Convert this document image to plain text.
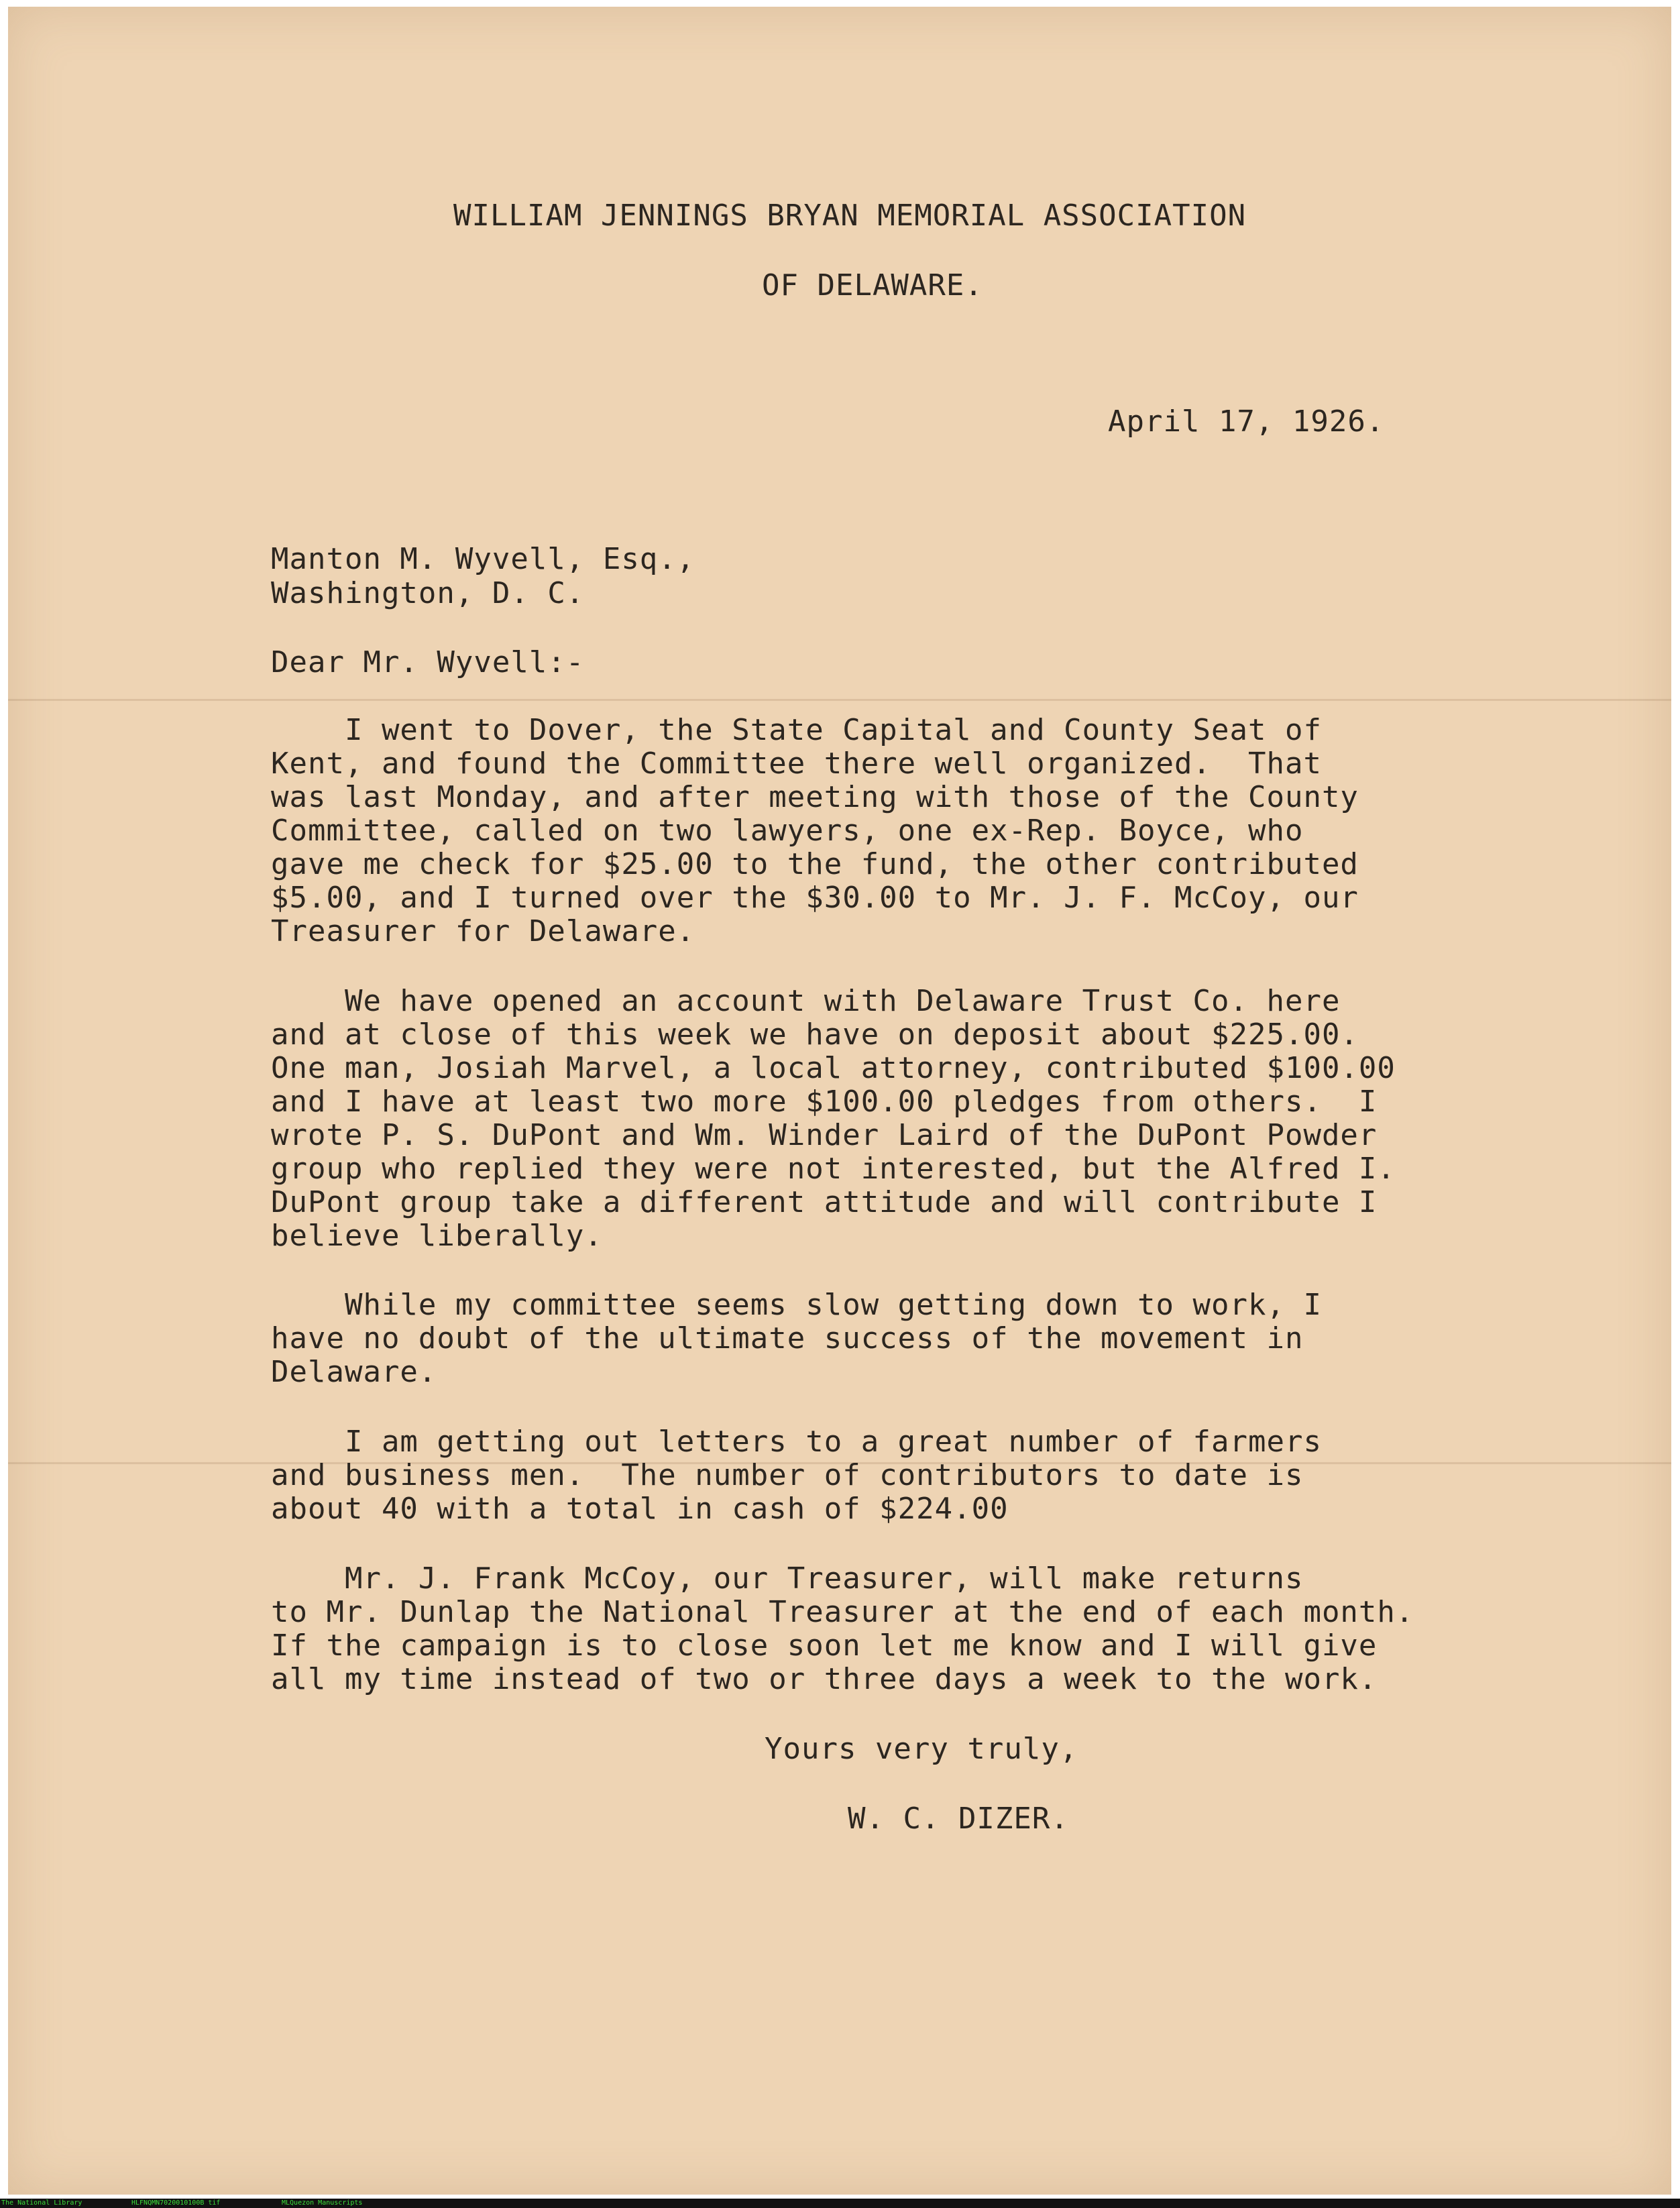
WILLIAM JENNINGS BRYAN MEMORIAL ASSOCIATION
OF DELAWARE.
April 17, 1926.
Manton M. Wyvell, Esq.,
Washington, D. C.
Dear Mr. Wyvell:-
I went to Dover, the State Capital and County Seat of
Kent, and found the Committee there well organized.  That
was last Monday, and after meeting with those of the County
Committee, called on two lawyers, one ex-Rep. Boyce, who
gave me check for $25.00 to the fund, the other contributed
$5.00, and I turned over the $30.00 to Mr. J. F. McCoy, our
Treasurer for Delaware.
We have opened an account with Delaware Trust Co. here
and at close of this week we have on deposit about $225.00.
One man, Josiah Marvel, a local attorney, contributed $100.00
and I have at least two more $100.00 pledges from others.  I
wrote P. S. DuPont and Wm. Winder Laird of the DuPont Powder
group who replied they were not interested, but the Alfred I.
DuPont group take a different attitude and will contribute I
believe liberally.
While my committee seems slow getting down to work, I
have no doubt of the ultimate success of the movement in
Delaware.
I am getting out letters to a great number of farmers
and business men.  The number of contributors to date is
about 40 with a total in cash of $224.00
Mr. J. Frank McCoy, our Treasurer, will make returns
to Mr. Dunlap the National Treasurer at the end of each month.
If the campaign is to close soon let me know and I will give
all my time instead of two or three days a week to the work.
Yours very truly,
W. C. DIZER.
The National Library	HLFNQMN7020010100B tif	MLQuezon Manuscripts
